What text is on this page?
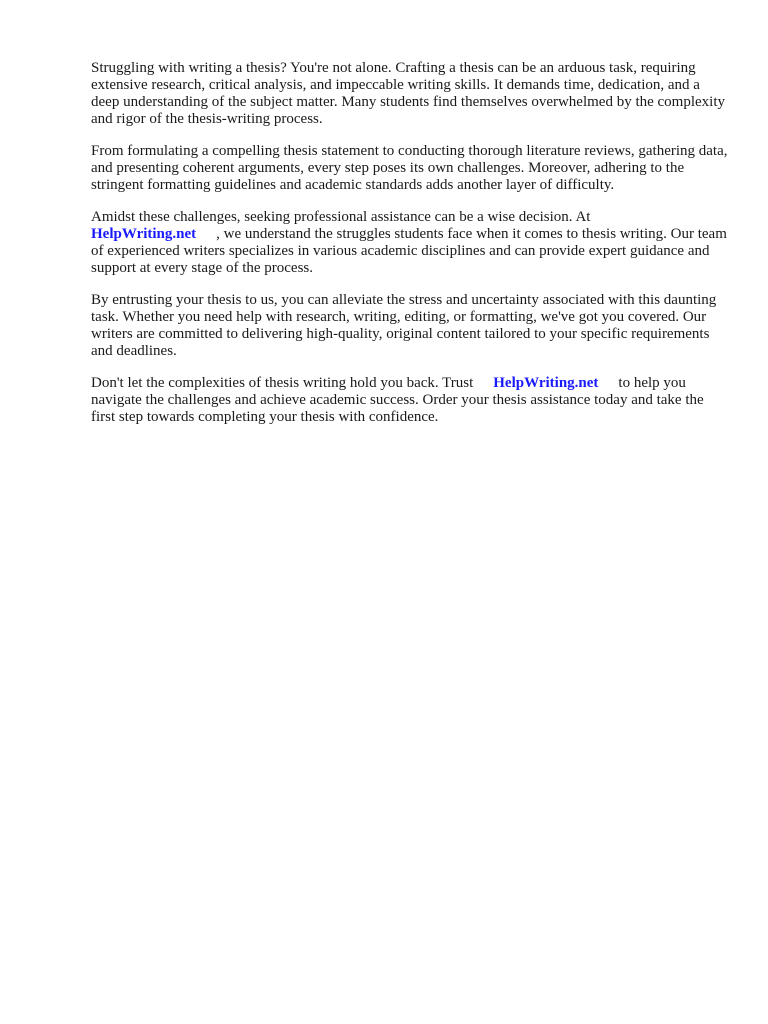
Struggling with writing a thesis? You're not alone. Crafting a thesis can be an arduous task, requiring extensive research, critical analysis, and impeccable writing skills. It demands time, dedication, and a deep understanding of the subject matter. Many students find themselves overwhelmed by the complexity and rigor of the thesis-writing process.

From formulating a compelling thesis statement to conducting thorough literature reviews, gathering data, and presenting coherent arguments, every step poses its own challenges. Moreover, adhering to the stringent formatting guidelines and academic standards adds another layer of difficulty.

Amidst these challenges, seeking professional assistance can be a wise decision. At
HelpWriting.net , we understand the struggles students face when it comes to thesis writing. Our team of experienced writers specializes in various academic disciplines and can provide expert guidance and support at every stage of the process.

By entrusting your thesis to us, you can alleviate the stress and uncertainty associated with this daunting task. Whether you need help with research, writing, editing, or formatting, we've got you covered. Our writers are committed to delivering high-quality, original content tailored to your specific requirements and deadlines.

Don't let the complexities of thesis writing hold you back. Trust HelpWriting.net to help you navigate the challenges and achieve academic success. Order your thesis assistance today and take the first step towards completing your thesis with confidence.
